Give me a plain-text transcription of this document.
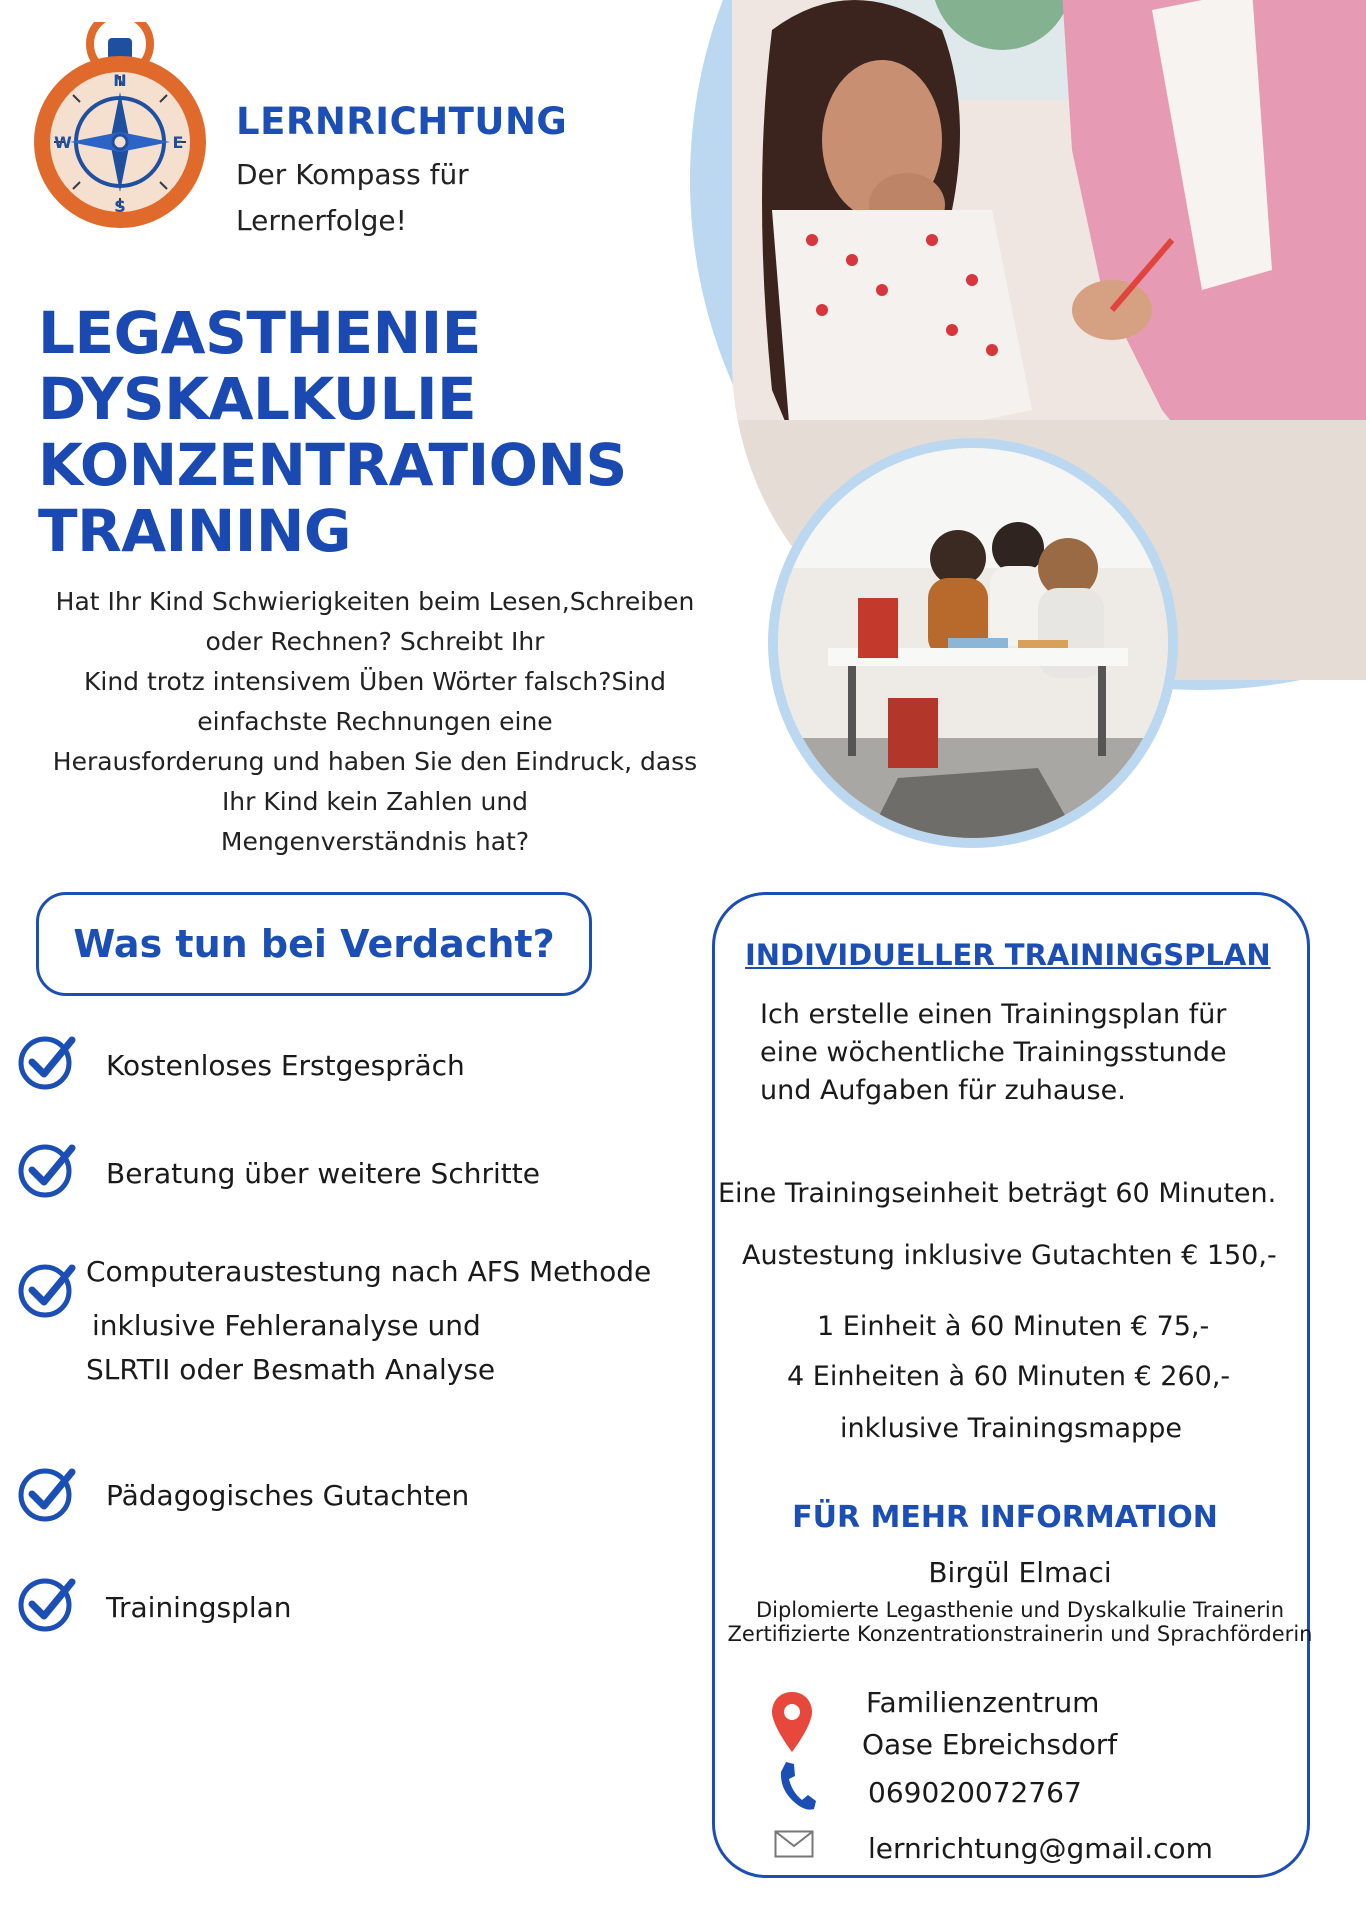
N
S
W	E LERNRICHTUNG
Der Kompass für
Lernerfolge!
LEGASTHENIE
DYSKALKULIE
KONZENTRATIONS
TRAINING
Hat Ihr Kind Schwierigkeiten beim Lesen,Schreiben
oder Rechnen? Schreibt Ihr
Kind trotz intensivem Üben Wörter falsch?Sind
einfachste Rechnungen eine
Herausforderung und haben Sie den Eindruck, dass
Ihr Kind kein Zahlen und
Mengenverständnis hat?
Was tun bei Verdacht?
Kostenloses Erstgespräch
Beratung über weitere Schritte
Computeraustestung nach AFS Methode
inklusive Fehleranalyse und
SLRTII oder Besmath Analyse
Pädagogisches Gutachten
Trainingsplan
INDIVIDUELLER TRAININGSPLAN
Ich erstelle einen Trainingsplan für
eine wöchentliche Trainingsstunde
und Aufgaben für zuhause.
Eine Trainingseinheit beträgt 60 Minuten.
Austestung inklusive Gutachten € 150,-
1 Einheit à 60 Minuten € 75,-
4 Einheiten à 60 Minuten € 260,-
inklusive Trainingsmappe
FÜR MEHR INFORMATION
Birgül Elmaci
Diplomierte Legasthenie und Dyskalkulie Trainerin
Zertifizierte Konzentrationstrainerin und Sprachförderin
Familienzentrum
Oase Ebreichsdorf
069020072767
lernrichtung@gmail.com
